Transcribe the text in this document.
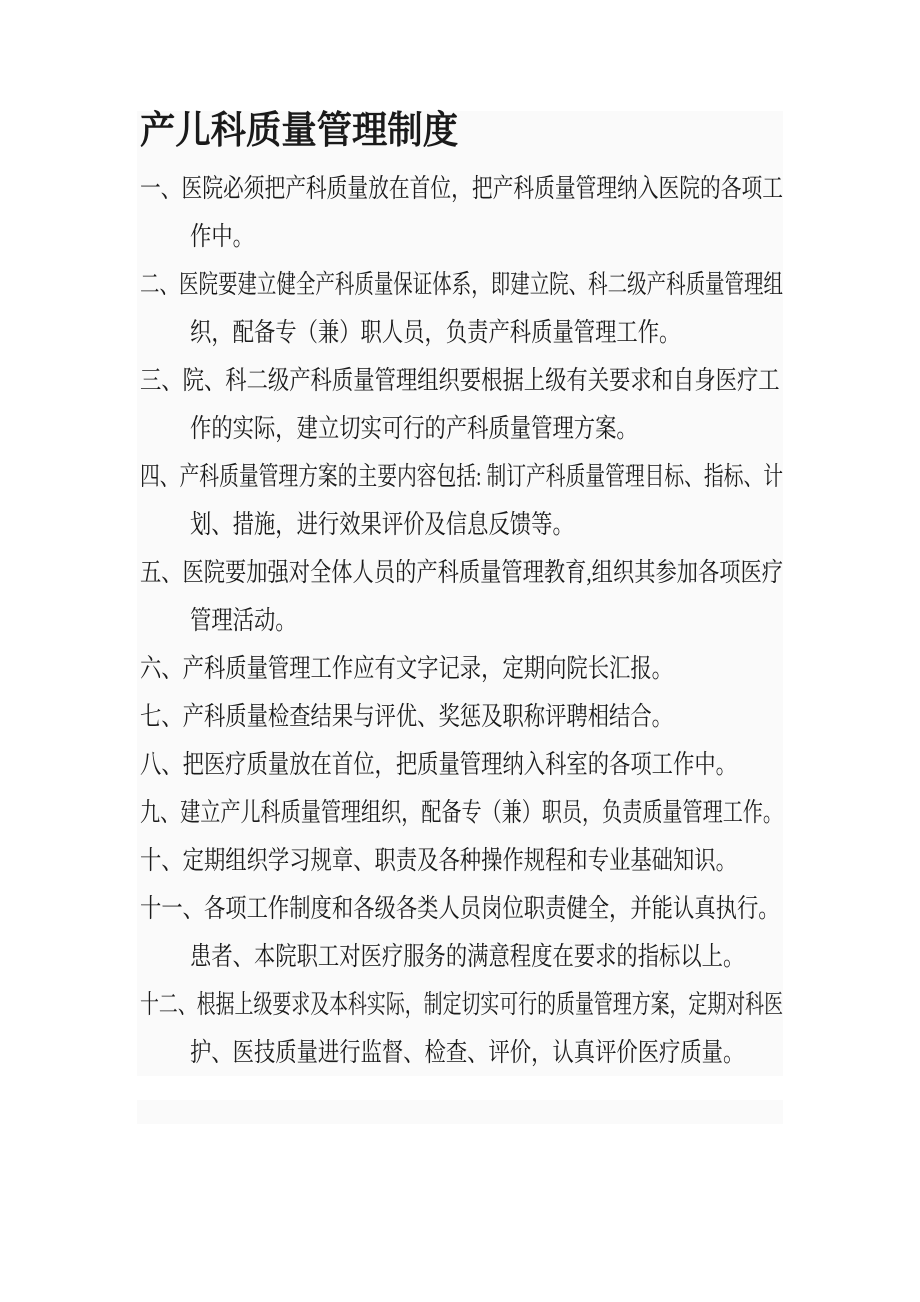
产儿科质量管理制度
一、医院必须把产科质量放在首位，把产科质量管理纳入医院的各项工
作中。
二、医院要建立健全产科质量保证体系，即建立院、科二级产科质量管理组
织，配备专（兼）职人员，负责产科质量管理工作。
三、院、科二级产科质量管理组织要根据上级有关要求和自身医疗工
作的实际，建立切实可行的产科质量管理方案。
四、产科质量管理方案的主要内容包括: 制订产科质量管理目标、指标、计
划、措施，进行效果评价及信息反馈等。
五、医院要加强对全体人员的产科质量管理教育,组织其参加各项医疗
管理活动。
六、产科质量管理工作应有文字记录，定期向院长汇报。
七、产科质量检查结果与评优、奖惩及职称评聘相结合。
八、把医疗质量放在首位，把质量管理纳入科室的各项工作中。
九、建立产儿科质量管理组织，配备专（兼）职员，负责质量管理工作。
十、定期组织学习规章、职责及各种操作规程和专业基础知识。
十一、各项工作制度和各级各类人员岗位职责健全，并能认真执行。
患者、本院职工对医疗服务的满意程度在要求的指标以上。
十二、根据上级要求及本科实际，制定切实可行的质量管理方案，定期对科医
护、医技质量进行监督、检查、评价，认真评价医疗质量。
